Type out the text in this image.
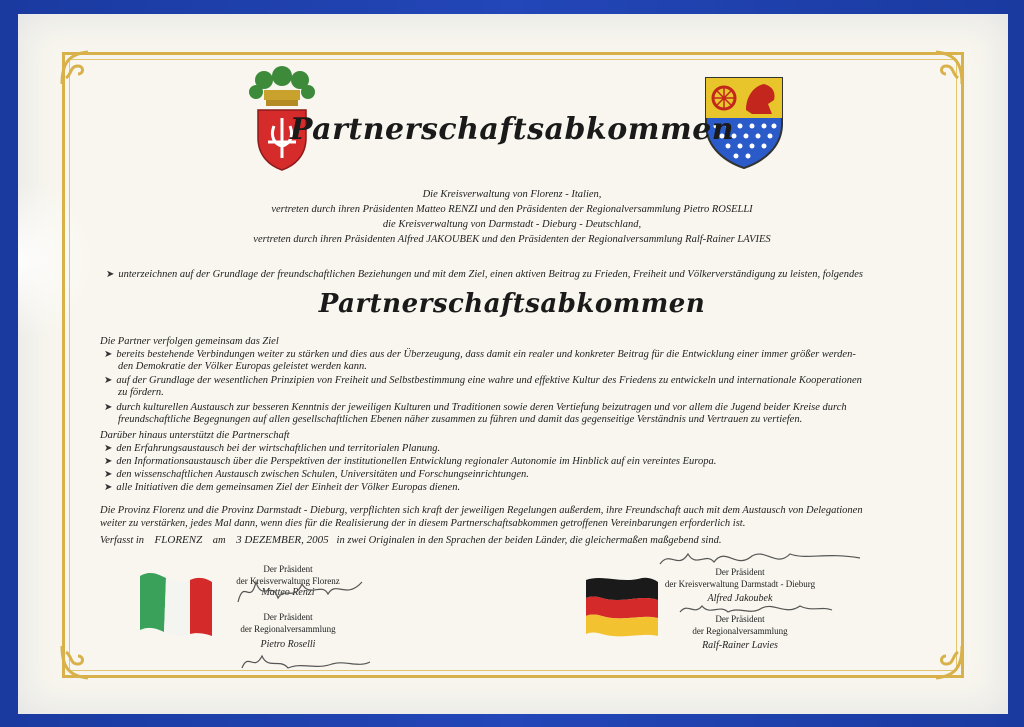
Partnerschaftsabkommen
Die Kreisverwaltung von Florenz - Italien,
vertreten durch ihren Präsidenten Matteo RENZI und den Präsidenten der Regionalversammlung Pietro ROSELLI
die Kreisverwaltung von Darmstadt - Dieburg - Deutschland,
vertreten durch ihren Präsidenten Alfred JAKOUBEK und den Präsidenten der Regionalversammlung Ralf-Rainer LAVIES
➤ unterzeichnen auf der Grundlage der freundschaftlichen Beziehungen und mit dem Ziel, einen aktiven Beitrag zu Frieden, Freiheit und Völkerverständigung zu leisten, folgendes
Partnerschaftsabkommen
Die Partner verfolgen gemeinsam das Ziel
➤ bereits bestehende Verbindungen weiter zu stärken und dies aus der Überzeugung, dass damit ein realer und konkreter Beitrag für die Entwicklung einer immer größer werden-
den Demokratie der Völker Europas geleistet werden kann.
➤ auf der Grundlage der wesentlichen Prinzipien von Freiheit und Selbstbestimmung eine wahre und effektive Kultur des Friedens zu entwickeln und internationale Kooperationen
zu fördern.
➤ durch kulturellen Austausch zur besseren Kenntnis der jeweiligen Kulturen und Traditionen sowie deren Vertiefung beizutragen und vor allem die Jugend beider Kreise durch
freundschaftliche Begegnungen auf allen gesellschaftlichen Ebenen näher zusammen zu führen und damit das gegenseitige Verständnis und Vertrauen zu vertiefen.
Darüber hinaus unterstützt die Partnerschaft
➤ den Erfahrungsaustausch bei der wirtschaftlichen und territorialen Planung.
➤ den Informationsaustausch über die Perspektiven der institutionellen Entwicklung regionaler Autonomie im Hinblick auf ein vereintes Europa.
➤ den wissenschaftlichen Austausch zwischen Schulen, Universitäten und Forschungseinrichtungen.
➤ alle Initiativen die dem gemeinsamen Ziel der Einheit der Völker Europas dienen.
Die Provinz Florenz und die Provinz Darmstadt - Dieburg, verpflichten sich kraft der jeweiligen Regelungen außerdem, ihre Freundschaft auch mit dem Austausch von Delegationen
weiter zu verstärken, jedes Mal dann, wenn dies für die Realisierung der in diesem Partnerschaftsabkommen getroffenen Vereinbarungen erforderlich ist.
Verfasst in FLORENZ am 3 DEZEMBER, 2005 in zwei Originalen in den Sprachen der beiden Länder, die gleichermaßen maßgebend sind.
Der Präsident
der Kreisverwaltung Florenz
Matteo Renzi
Der Präsident
der Regionalversammlung
Pietro Roselli
Der Präsident
der Kreisverwaltung Darmstadt - Dieburg
Alfred Jakoubek
Der Präsident
der Regionalversammlung
Ralf-Rainer Lavies
